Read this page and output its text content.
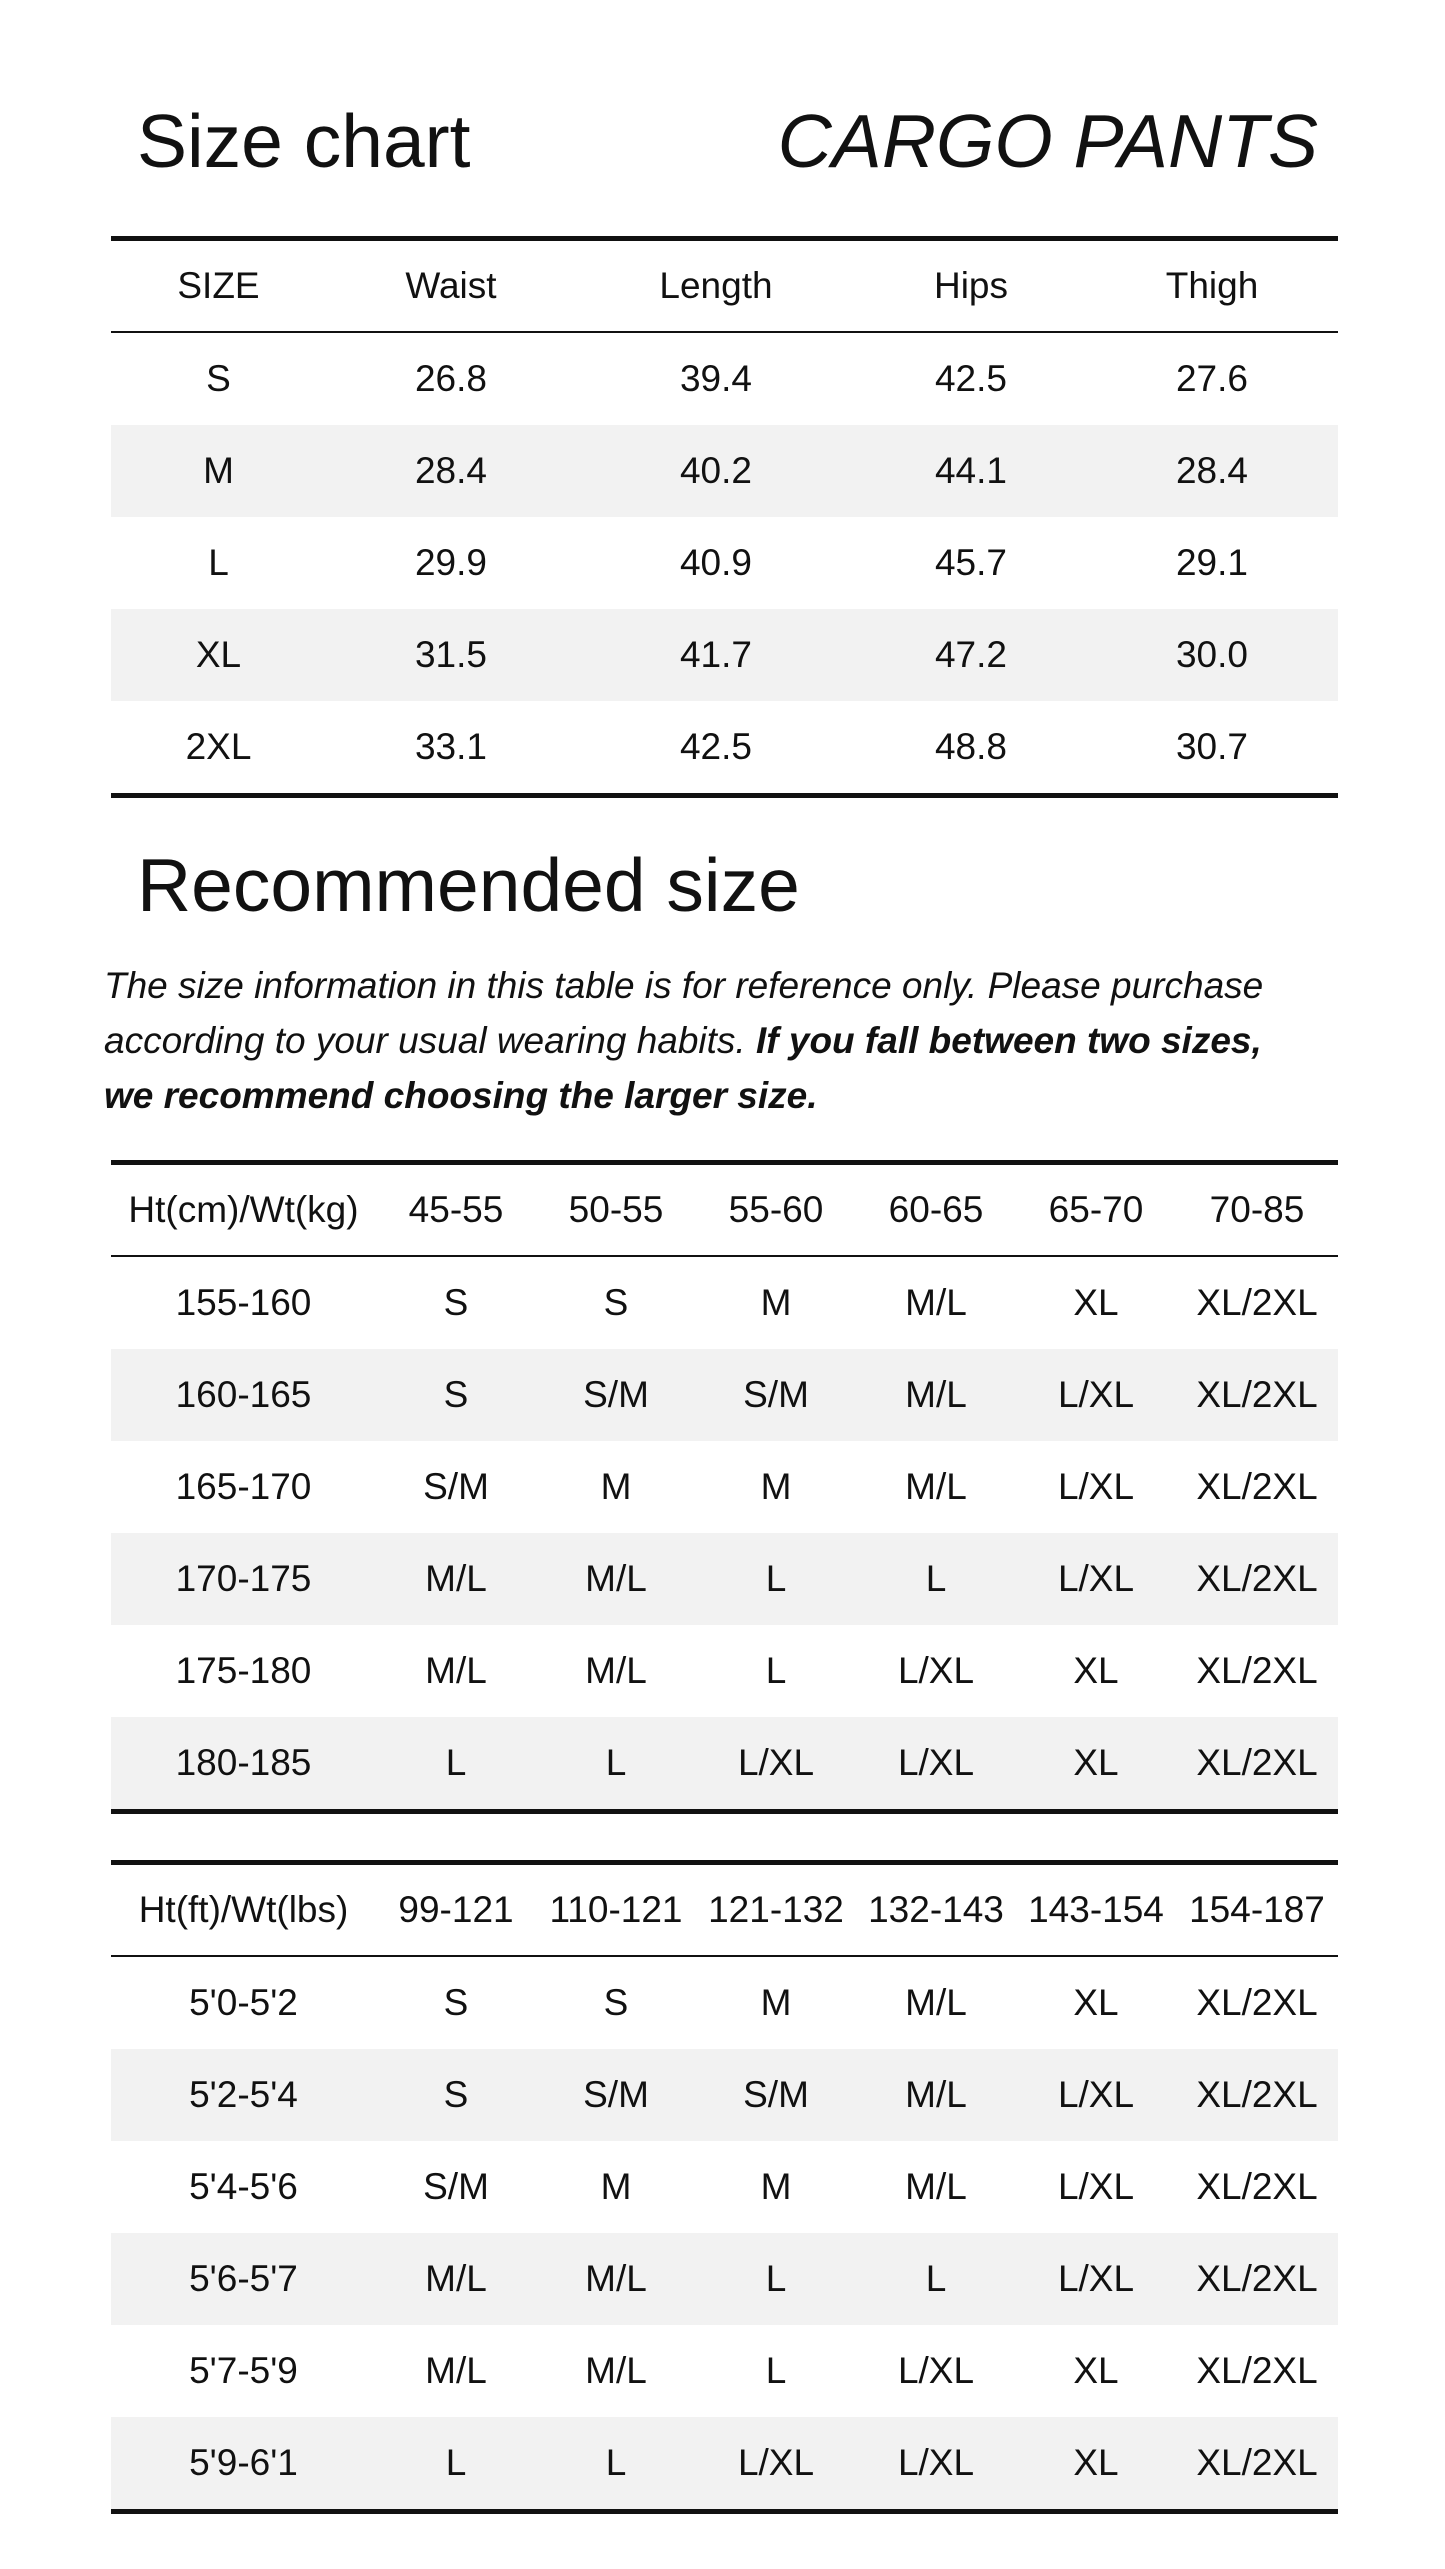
Size chart	CARGO PANTS
SIZE	Waist	Length	Hips	Thigh
S	26.8	39.4	42.5	27.6
M	28.4	40.2	44.1	28.4
L	29.9	40.9	45.7	29.1
XL	31.5	41.7	47.2	30.0
2XL	33.1	42.5	48.8	30.7
Recommended size
The size information in this table is for reference only. Please purchase
according to your usual wearing habits. If you fall between two sizes,
we recommend choosing the larger size.
Ht(cm)/Wt(kg)	45-55	50-55	55-60	60-65	65-70	70-85
155-160	S	S	M	M/L	XL	XL/2XL
160-165	S	S/M	S/M	M/L	L/XL	XL/2XL
165-170	S/M	M	M	M/L	L/XL	XL/2XL
170-175	M/L	M/L	L	L	L/XL	XL/2XL
175-180	M/L	M/L	L	L/XL	XL	XL/2XL
180-185	L	L	L/XL	L/XL	XL	XL/2XL
Ht(ft)/Wt(lbs)	99-121	110-121	121-132	132-143	143-154	154-187
5'0-5'2	S	S	M	M/L	XL	XL/2XL
5'2-5'4	S	S/M	S/M	M/L	L/XL	XL/2XL
5'4-5'6	S/M	M	M	M/L	L/XL	XL/2XL
5'6-5'7	M/L	M/L	L	L	L/XL	XL/2XL
5'7-5'9	M/L	M/L	L	L/XL	XL	XL/2XL
5'9-6'1	L	L	L/XL	L/XL	XL	XL/2XL
